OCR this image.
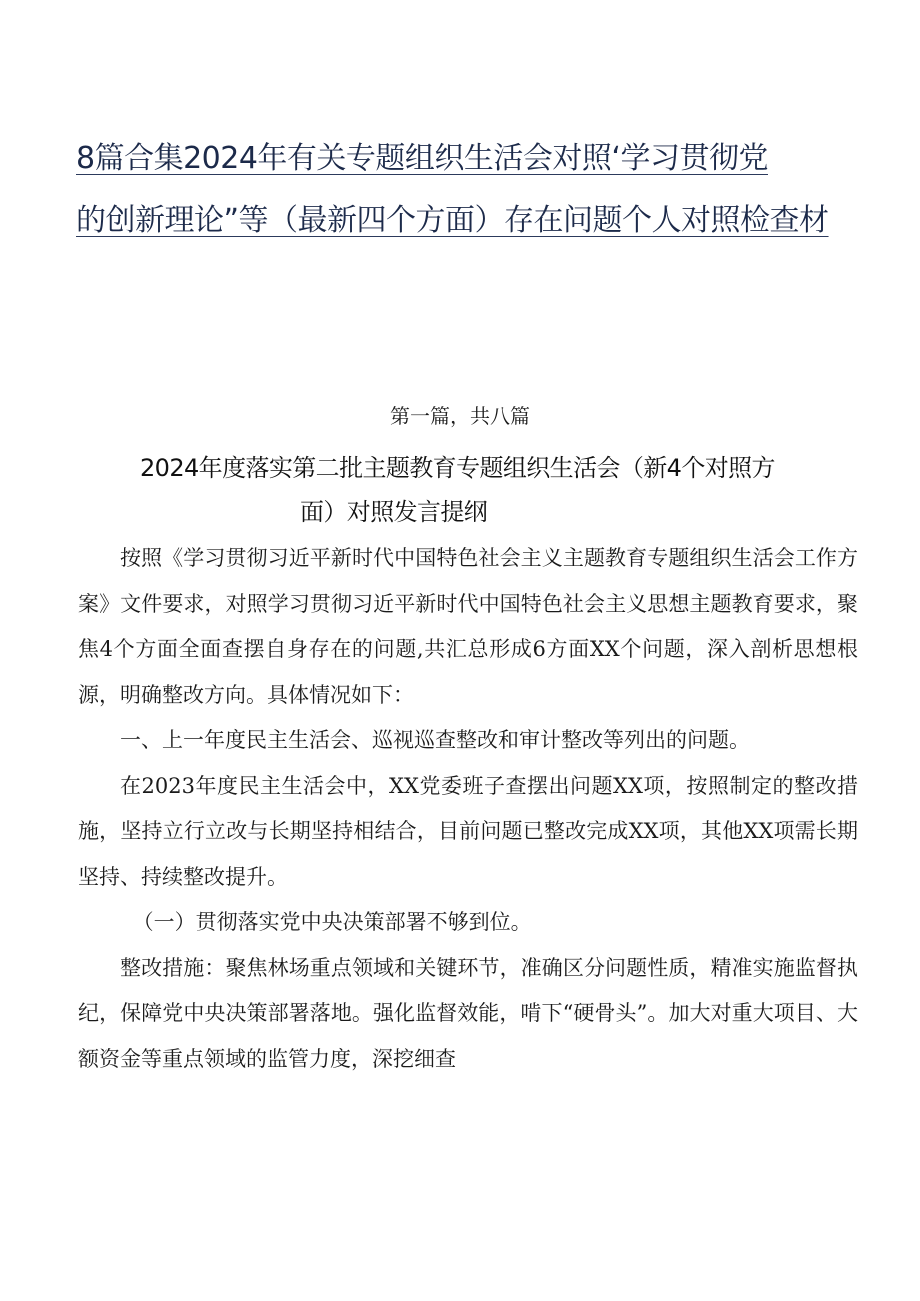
8篇合集2024年有关专题组织生活会对照‘学习贯彻党
的创新理论”等（最新四个方面）存在问题个人对照检查材
第一篇，共八篇
2024年度落实第二批主题教育专题组织生活会（新4个对照方
面）对照发言提纲

按照《学习贯彻习近平新时代中国特色社会主义主题教育专题组织生活会工作方案》文件要求，对照学习贯彻习近平新时代中国特色社会主义思想主题教育要求，聚焦4个方面全面查摆自身存在的问题,共汇总形成6方面XX个问题，深入剖析思想根源，明确整改方向。具体情况如下：

一、上一年度民主生活会、巡视巡查整改和审计整改等列出的问题。

在2023年度民主生活会中，XX党委班子查摆出问题XX项，按照制定的整改措施，坚持立行立改与长期坚持相结合，目前问题已整改完成XX项，其他XX项需长期坚持、持续整改提升。

（一）贯彻落实党中央决策部署不够到位。

整改措施：聚焦林场重点领域和关键环节，准确区分问题性质，精准实施监督执纪，保障党中央决策部署落地。强化监督效能，啃下“硬骨头”。加大对重大项目、大额资金等重点领域的监管力度，深挖细查
